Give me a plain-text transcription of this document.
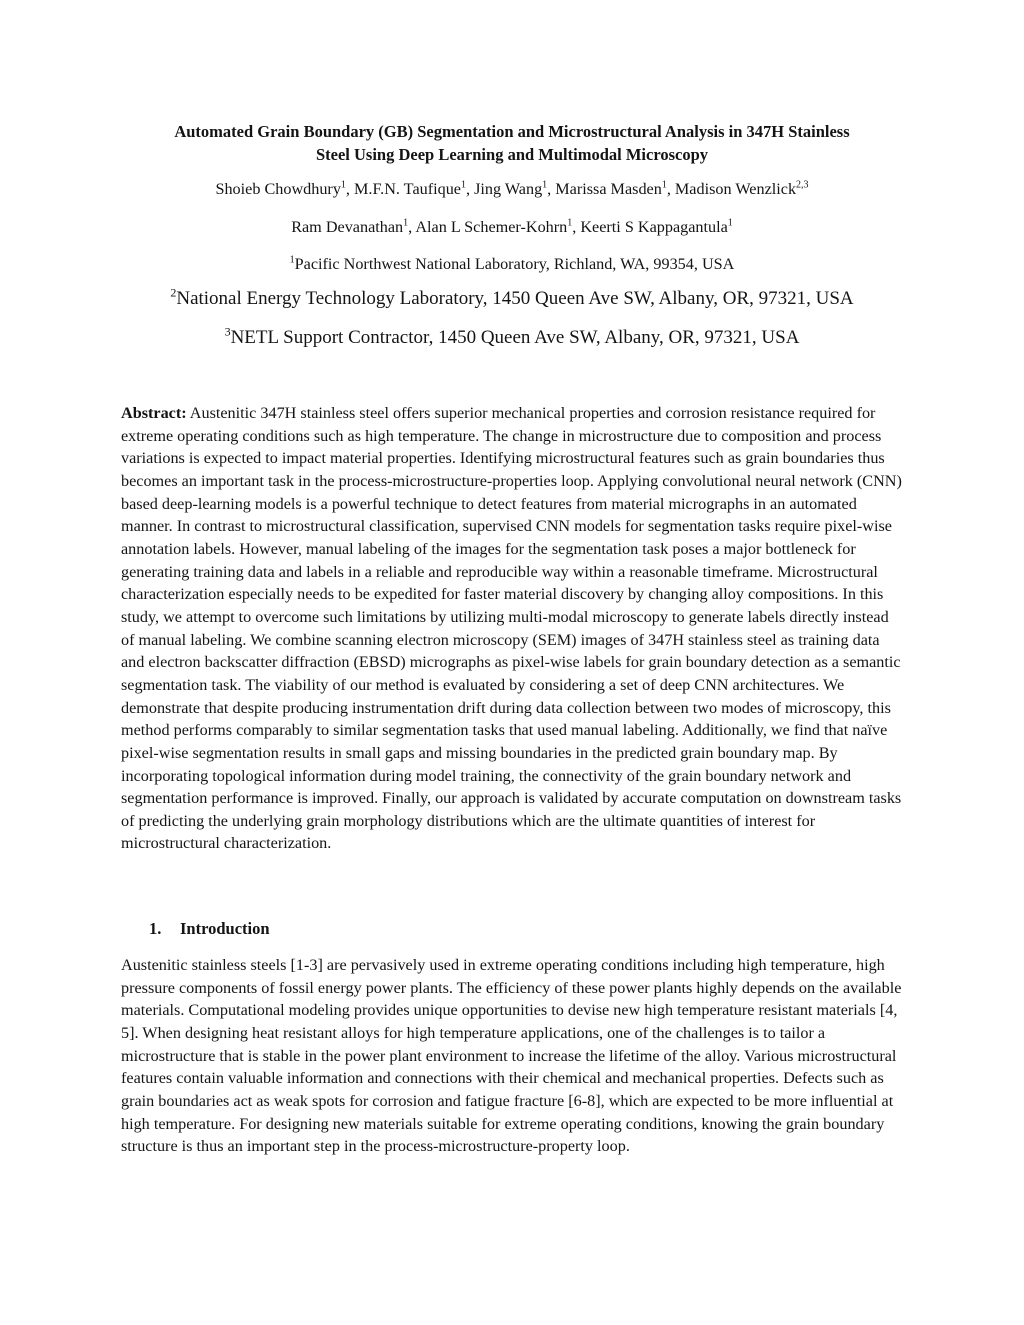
Automated Grain Boundary (GB) Segmentation and Microstructural Analysis in 347H Stainless
Steel Using Deep Learning and Multimodal Microscopy
Shoieb Chowdhury$^1$, M.F.N. Taufique$^1$, Jing Wang$^1$, Marissa Masden$^1$, Madison Wenzlick$^{2,3}$
Ram Devanathan$^1$, Alan L Schemer-Kohrn$^1$, Keerti S Kappagantula$^1$
$^1$Pacific Northwest National Laboratory, Richland, WA, 99354, USA
$^2$National Energy Technology Laboratory, 1450 Queen Ave SW, Albany, OR, 97321, USA
$^3$NETL Support Contractor, 1450 Queen Ave SW, Albany, OR, 97321, USA

Abstract: Austenitic 347H stainless steel offers superior mechanical properties and corrosion resistance required for extreme operating conditions such as high temperature. The change in microstructure due to composition and process variations is expected to impact material properties. Identifying microstructural features such as grain boundaries thus becomes an important task in the process-microstructure-properties loop. Applying convolutional neural network (CNN) based deep-learning models is a powerful technique to detect features from material micrographs in an automated manner. In contrast to microstructural classification, supervised CNN models for segmentation tasks require pixel-wise annotation labels. However, manual labeling of the images for the segmentation task poses a major bottleneck for generating training data and labels in a reliable and reproducible way within a reasonable timeframe. Microstructural characterization especially needs to be expedited for faster material discovery by changing alloy compositions. In this study, we attempt to overcome such limitations by utilizing multi-modal microscopy to generate labels directly instead of manual labeling. We combine scanning electron microscopy (SEM) images of 347H stainless steel as training data and electron backscatter diffraction (EBSD) micrographs as pixel-wise labels for grain boundary detection as a semantic segmentation task. The viability of our method is evaluated by considering a set of deep CNN architectures. We demonstrate that despite producing instrumentation drift during data collection between two modes of microscopy, this method performs comparably to similar segmentation tasks that used manual labeling. Additionally, we find that naïve pixel-wise segmentation results in small gaps and missing boundaries in the predicted grain boundary map. By incorporating topological information during model training, the connectivity of the grain boundary network and segmentation performance is improved. Finally, our approach is validated by accurate computation on downstream tasks of predicting the underlying grain morphology distributions which are the ultimate quantities of interest for microstructural characterization.

1. Introduction

Austenitic stainless steels [1-3] are pervasively used in extreme operating conditions including high temperature, high pressure components of fossil energy power plants. The efficiency of these power plants highly depends on the available materials. Computational modeling provides unique opportunities to devise new high temperature resistant materials [4, 5]. When designing heat resistant alloys for high temperature applications, one of the challenges is to tailor a microstructure that is stable in the power plant environment to increase the lifetime of the alloy. Various microstructural features contain valuable information and connections with their chemical and mechanical properties. Defects such as grain boundaries act as weak spots for corrosion and fatigue fracture [6-8], which are expected to be more influential at high temperature. For designing new materials suitable for extreme operating conditions, knowing the grain boundary structure is thus an important step in the process-microstructure-property loop.
